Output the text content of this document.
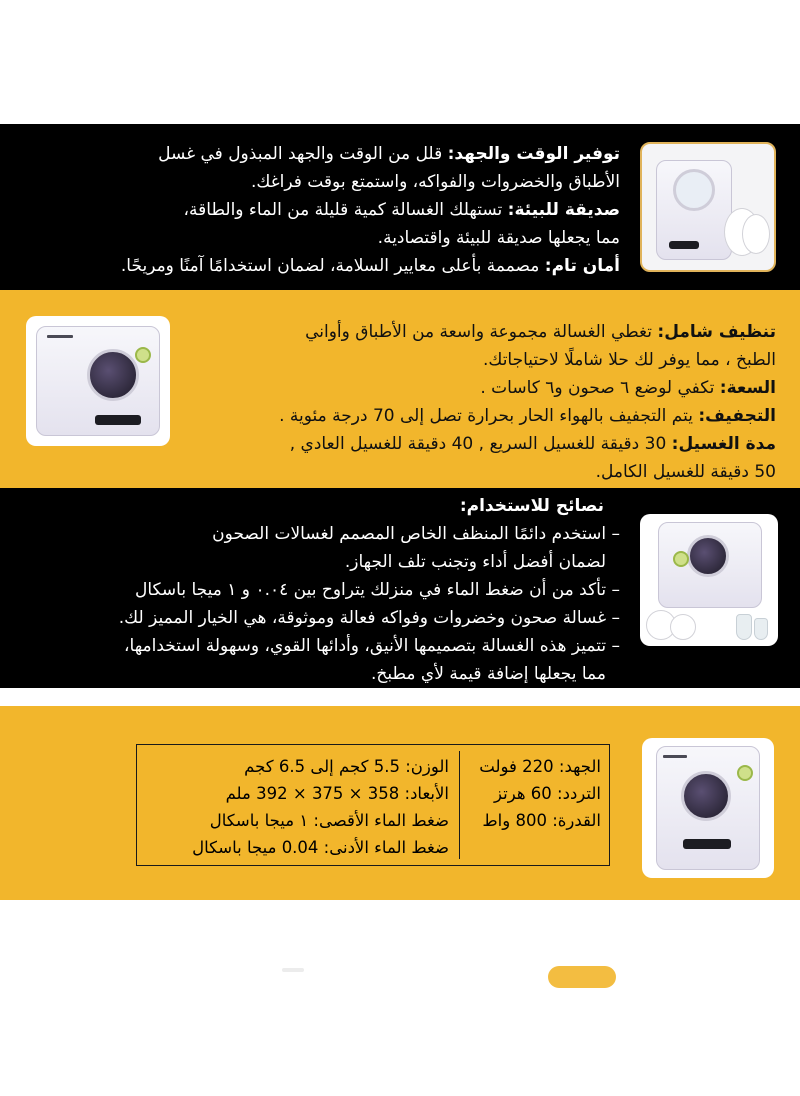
توفير الوقت والجهد: قلل من الوقت والجهد المبذول في غسل

الأطباق والخضروات والفواكه، واستمتع بوقت فراغك.

صديقة للبيئة: تستهلك الغسالة كمية قليلة من الماء والطاقة،

مما يجعلها صديقة للبيئة واقتصادية.

أمان تام: مصممة بأعلى معايير السلامة، لضمان استخدامًا آمنًا ومريحًا.

تنظيف شامل: تغطي الغسالة مجموعة واسعة من الأطباق وأواني

الطبخ ، مما يوفر لك حلا شاملًا لاحتياجاتك.

السعة: تكفي لوضع ٦ صحون و٦ كاسات .

التجفيف: يتم التجفيف بالهواء الحار بحرارة تصل إلى 70 درجة مئوية .

مدة الغسيل: 30 دقيقة للغسيل السريع , 40 دقيقة للغسيل العادي ,

50 دقيقة للغسيل الكامل.

نصائح للاستخدام:

– استخدم دائمًا المنظف الخاص المصمم لغسالات الصحون

لضمان أفضل أداء وتجنب تلف الجهاز.

– تأكد من أن ضغط الماء في منزلك يتراوح بين ٠.٠٤ و ١ ميجا باسكال

– غسالة صحون وخضروات وفواكه فعالة وموثوقة، هي الخيار المميز لك.

– تتميز هذه الغسالة بتصميمها الأنيق، وأدائها القوي، وسهولة استخدامها،

مما يجعلها إضافة قيمة لأي مطبخ.

الجهد: 220 فولت

التردد: 60 هرتز

القدرة: 800 واط

الوزن: 5.5 كجم إلى 6.5 كجم

الأبعاد: 358 × 375 × 392 ملم

ضغط الماء الأقصى: ١ ميجا باسكال

ضغط الماء الأدنى: 0.04 ميجا باسكال
